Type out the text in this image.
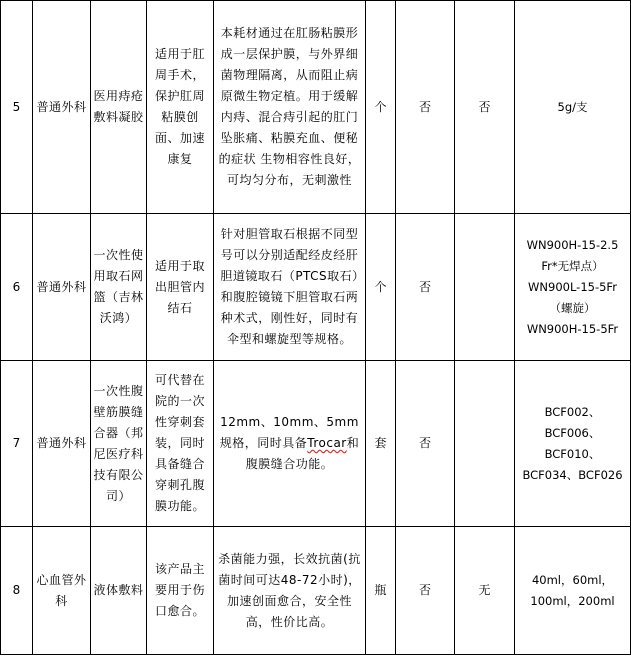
5	普通外科	医用痔疮敷料凝胶	适用于肛周手术，保护肛周粘膜创面、加速康复	本耗材通过在肛肠粘膜形成一层保护膜，与外界细菌物理隔离，从而阻止病原微生物定植。用于缓解内痔、混合痔引起的肛门坠胀痛、粘膜充血、便秘的症状 生物相容性良好，可均匀分布，无刺激性	个	否	否	5g/支

6	普通外科	一次性使用取石网篮（吉林沃鸿）	适用于取出胆管内结石	针对胆管取石根据不同型号可以分别适配经皮经肝胆道镜取石（PTCS取石）和腹腔镜镜下胆管取石两种术式，刚性好，同时有伞型和螺旋型等规格。	个	否		WN900H-15-2.5
Fr*无焊点）
WN900L-15-5Fr
（螺旋）
WN900H-15-5Fr

7	普通外科	一次性腹壁筋膜缝合器（邦尼医疗科技有限公司）	可代替在院的一次性穿刺套装，同时具备缝合穿刺孔腹膜功能。	12mm、10mm、5mm规格，同时具备Trocar和腹膜缝合功能。	套	否		BCF002、
BCF006、
BCF010、
BCF034、BCF026

8	心血管外科	液体敷料	该产品主要用于伤口愈合。	杀菌能力强，长效抗菌(抗菌时间可达48-72小时)，加速创面愈合，安全性高，性价比高。	瓶	否	无	40ml，60ml，
100ml，200ml
